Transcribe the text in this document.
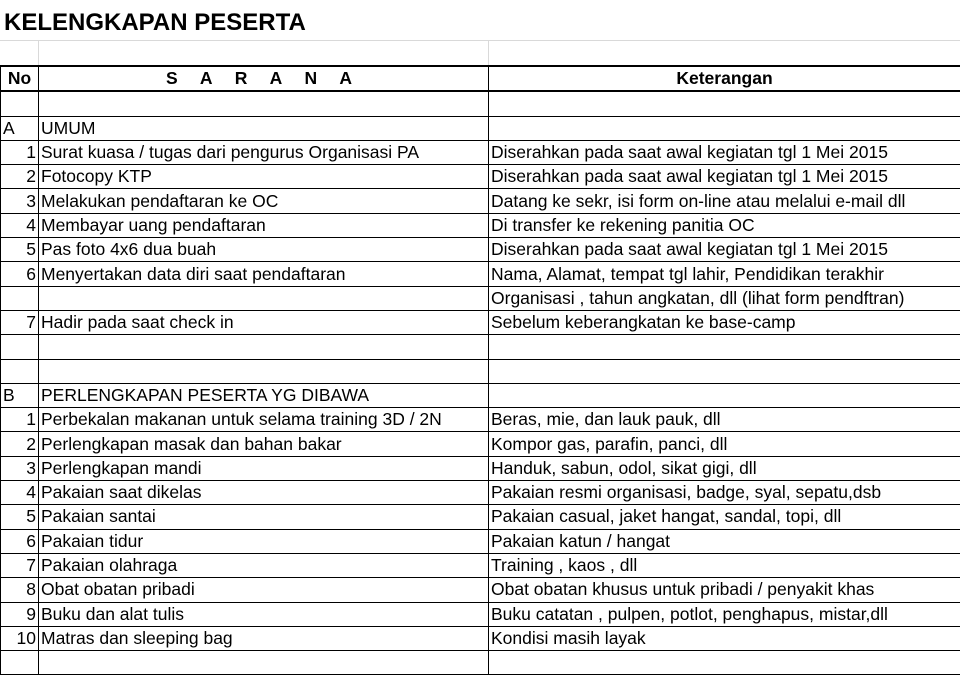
KELENGKAPAN PESERTA
No	S A R A N A	Keterangan

A	UMUM	
1	Surat kuasa / tugas dari pengurus Organisasi PA	Diserahkan pada saat awal kegiatan tgl 1 Mei 2015
2	Fotocopy KTP	Diserahkan pada saat awal kegiatan tgl 1 Mei 2015
3	Melakukan pendaftaran ke OC	Datang ke sekr, isi form on-line atau melalui e-mail dll
4	Membayar uang pendaftaran	Di transfer ke rekening panitia OC
5	Pas foto 4x6 dua buah	Diserahkan pada saat awal kegiatan tgl 1 Mei 2015
6	Menyertakan data diri saat pendaftaran	Nama, Alamat, tempat tgl lahir, Pendidikan terakhir
		Organisasi , tahun angkatan, dll (lihat form pendftran)
7	Hadir pada saat check in	Sebelum keberangkatan ke base-camp

B	PERLENGKAPAN PESERTA YG DIBAWA	
1	Perbekalan makanan untuk selama training 3D / 2N	Beras, mie, dan lauk pauk, dll
2	Perlengkapan masak dan bahan bakar	Kompor gas, parafin, panci, dll
3	Perlengkapan mandi	Handuk, sabun, odol, sikat gigi, dll
4	Pakaian saat dikelas	Pakaian resmi organisasi, badge, syal, sepatu,dsb
5	Pakaian santai	Pakaian casual, jaket hangat, sandal, topi, dll
6	Pakaian tidur	Pakaian katun / hangat
7	Pakaian olahraga	Training , kaos , dll
8	Obat obatan pribadi	Obat obatan khusus untuk pribadi / penyakit khas
9	Buku dan alat tulis	Buku catatan , pulpen, potlot, penghapus, mistar,dll
10	Matras dan sleeping bag	Kondisi masih layak
